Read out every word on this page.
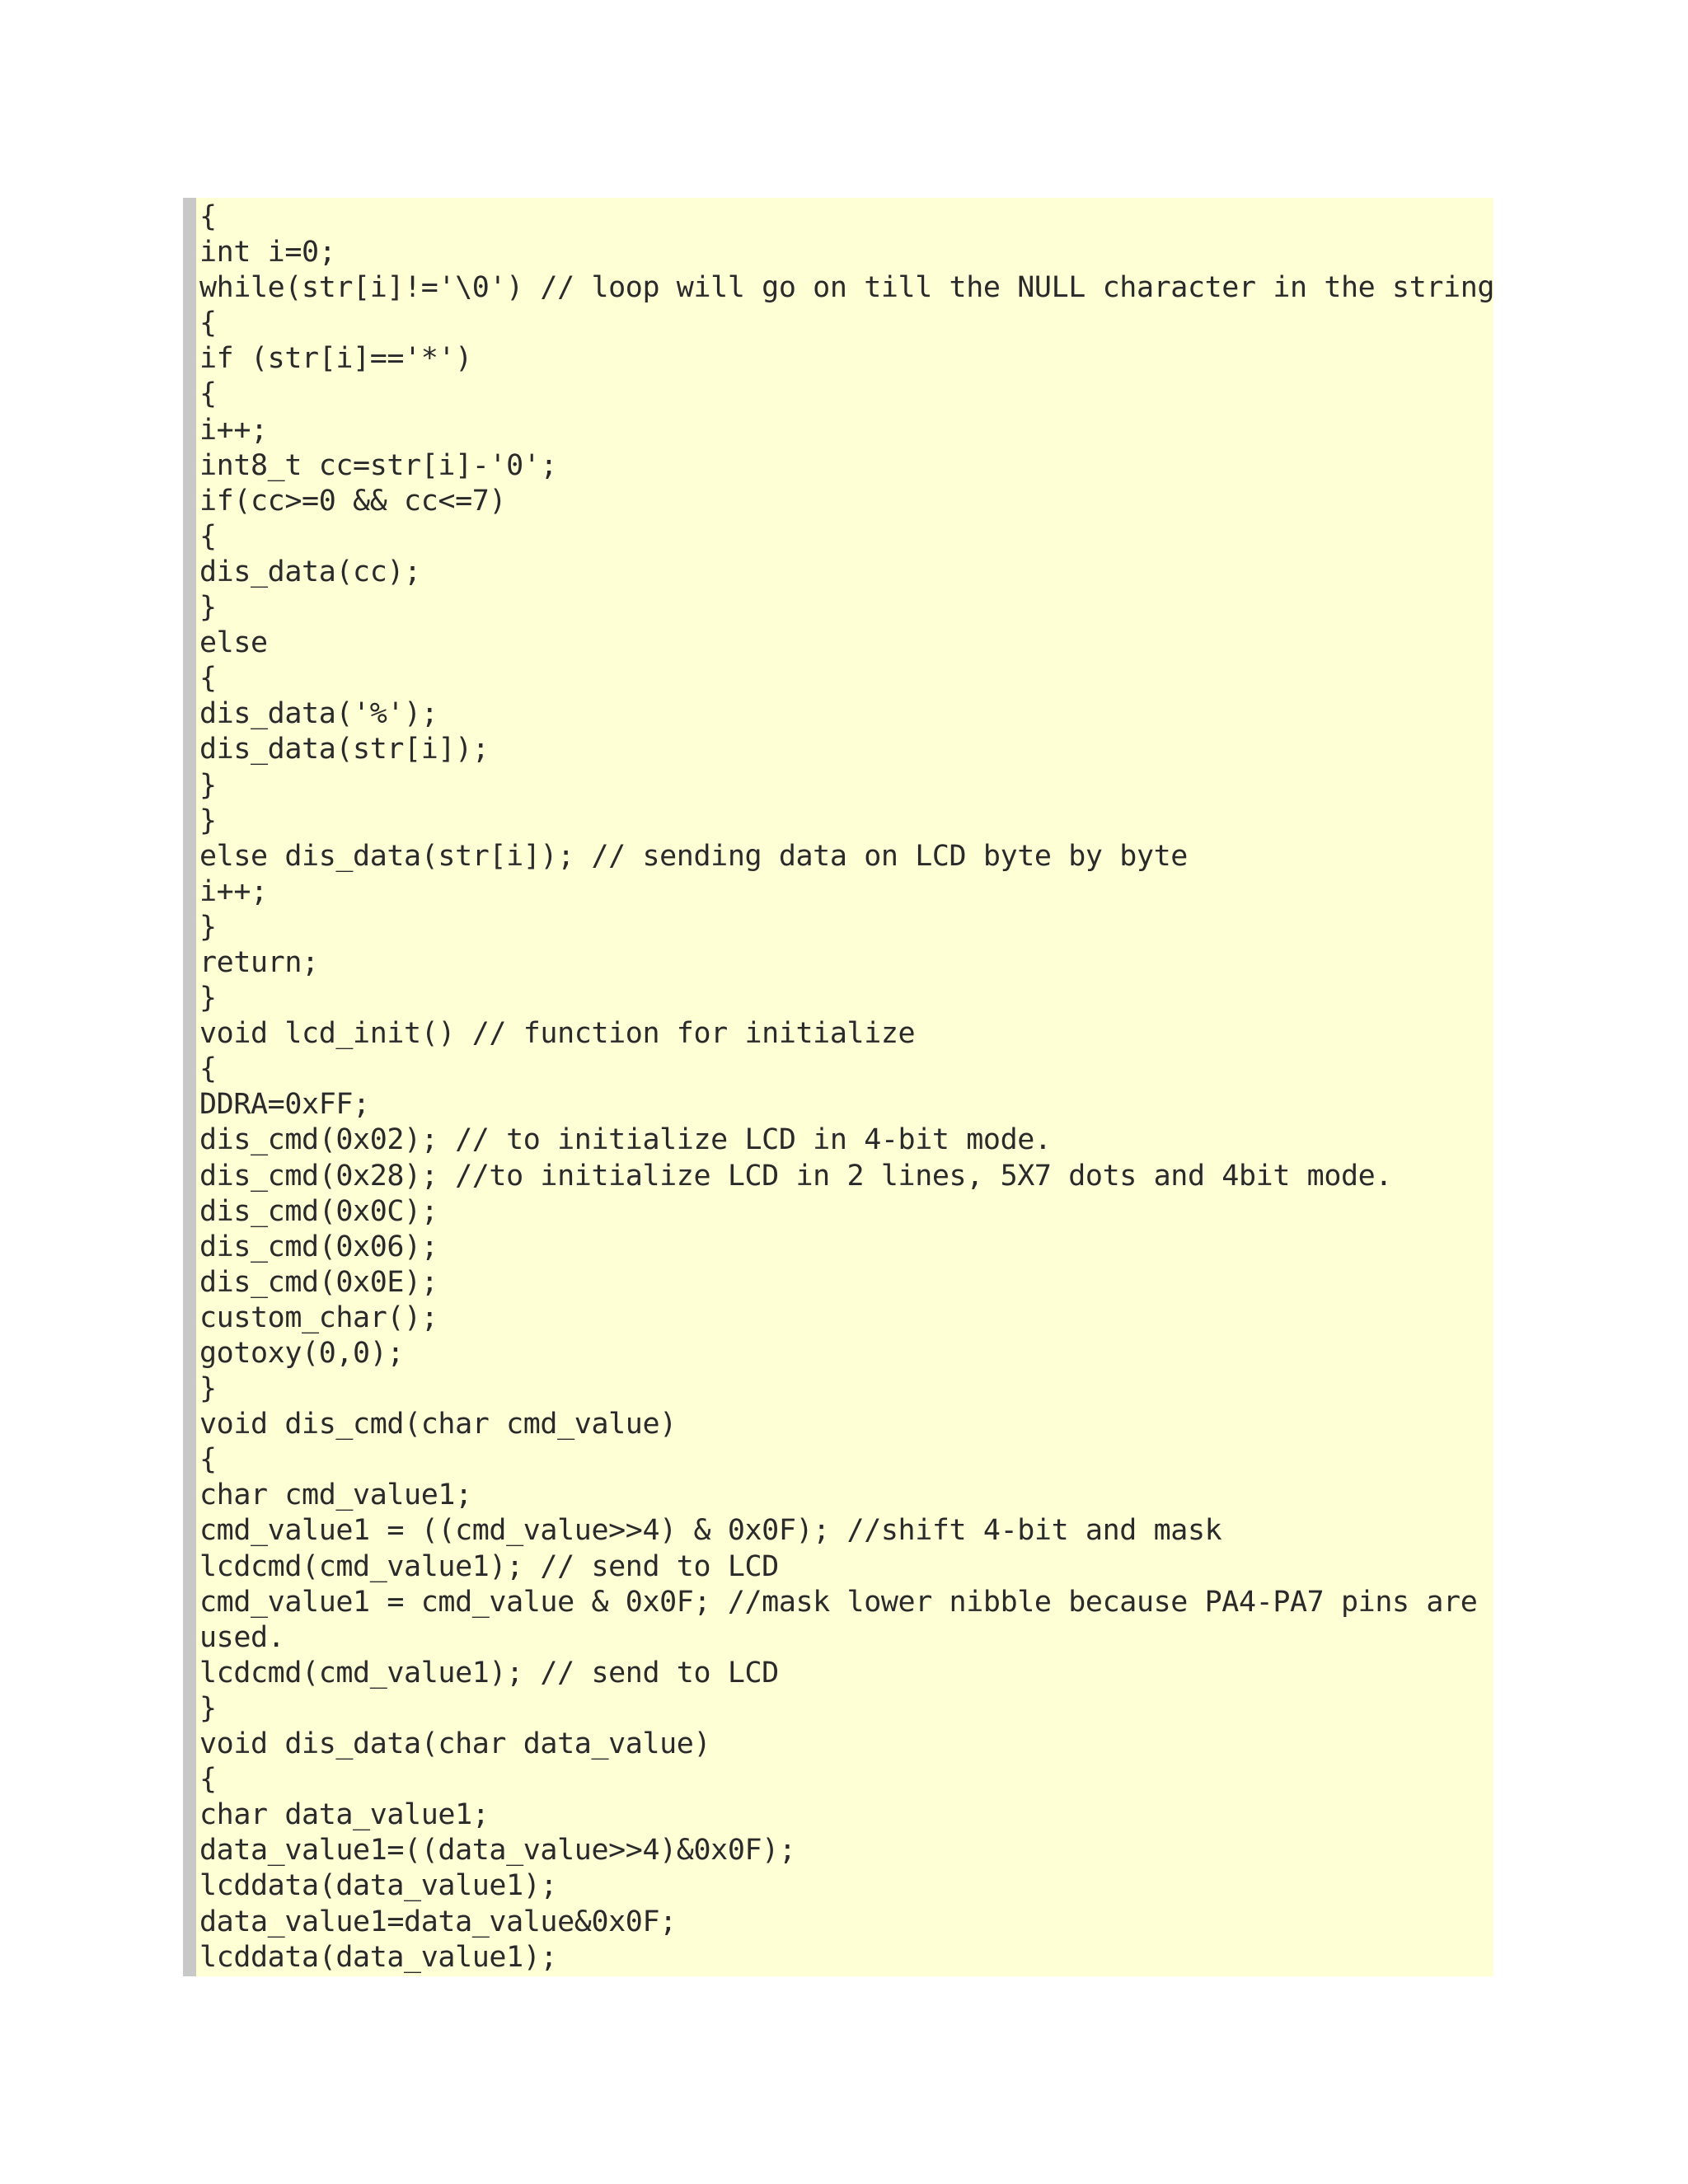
{
int i=0;
while(str[i]!='\0') // loop will go on till the NULL character in the string
{
if (str[i]=='*')
{
i++;
int8_t cc=str[i]-'0';
if(cc>=0 && cc<=7)
{
dis_data(cc);
}
else
{
dis_data('%');
dis_data(str[i]);
}
}
else dis_data(str[i]); // sending data on LCD byte by byte
i++;
}
return;
}
void lcd_init() // function for initialize
{
DDRA=0xFF;
dis_cmd(0x02); // to initialize LCD in 4-bit mode.
dis_cmd(0x28); //to initialize LCD in 2 lines, 5X7 dots and 4bit mode.
dis_cmd(0x0C);
dis_cmd(0x06);
dis_cmd(0x0E);
custom_char();
gotoxy(0,0);
}
void dis_cmd(char cmd_value)
{
char cmd_value1;
cmd_value1 = ((cmd_value>>4) & 0x0F); //shift 4-bit and mask
lcdcmd(cmd_value1); // send to LCD
cmd_value1 = cmd_value & 0x0F; //mask lower nibble because PA4-PA7 pins are
used.
lcdcmd(cmd_value1); // send to LCD
}
void dis_data(char data_value)
{
char data_value1;
data_value1=((data_value>>4)&0x0F);
lcddata(data_value1);
data_value1=data_value&0x0F;
lcddata(data_value1);
